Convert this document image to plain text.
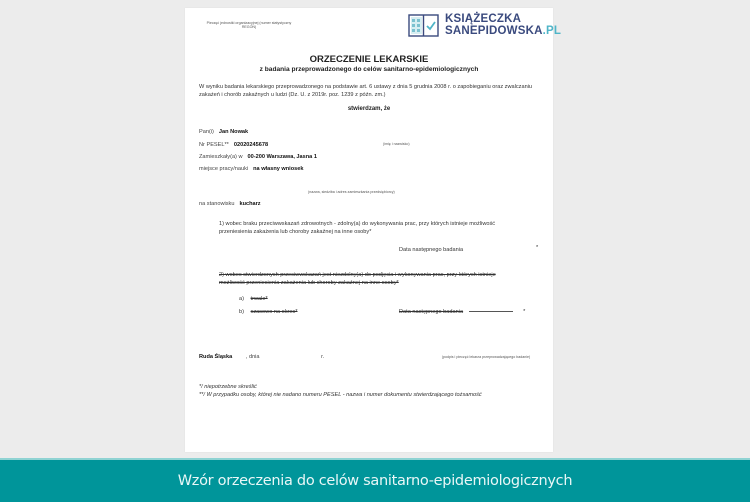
Pieczęć jednostki organizacyjnej (numer statystyczny REGON)
KSIĄŻECZKA
SANEPIDOWSKA.PL
ORZECZENIE LEKARSKIE
z badania przeprowadzonego do celów sanitarno-epidemiologicznych
W wyniku badania lekarskiego przeprowadzonego na podstawie art. 6 ustawy z dnia 5 grudnia 2008 r. o zapobieganiu oraz zwalczaniu zakażeń i chorób zakaźnych u ludzi (Dz. U. z 2019r. poz. 1239 z późn. zm.)
stwierdzam, że
Pan(i) Jan Nowak
Nr PESEL** 02020245678	(imię i nazwisko)
Zamieszkały(a) w 00-200 Warszawa, Jasna 1
miejsce pracy/nauki na własny wniosek
(nazwa, siedziba i adres zamieszkania przedsiębiorcy)
na stanowisku kucharz
1) wobec braku przeciwwskazań zdrowotnych - zdolny(a) do wykonywania prac, przy których istnieje możliwość
przeniesienia zakażenia lub choroby zakaźnej na inne osoby*
Data następnego badania	*
2) wobec stwierdzonych przeciwwskazań jest niezdolny(a) do podjęcia i wykonywania prac, przy których istnieje
możliwość przeniesienia zakażenia lub choroby zakaźnej na inne osoby*
a) trwale*
b) czasowo na okres*	Data następnego badania	*
Ruda Śląska , dnia	r.	(podpis i pieczęć lekarza przeprowadzającego badanie)
*/ niepotrzebne skreślić
**/ W przypadku osoby, której nie nadano numeru PESEL - nazwa i numer dokumentu stwierdzającego tożsamość
Wzór orzeczenia do celów sanitarno-epidemiologicznych
